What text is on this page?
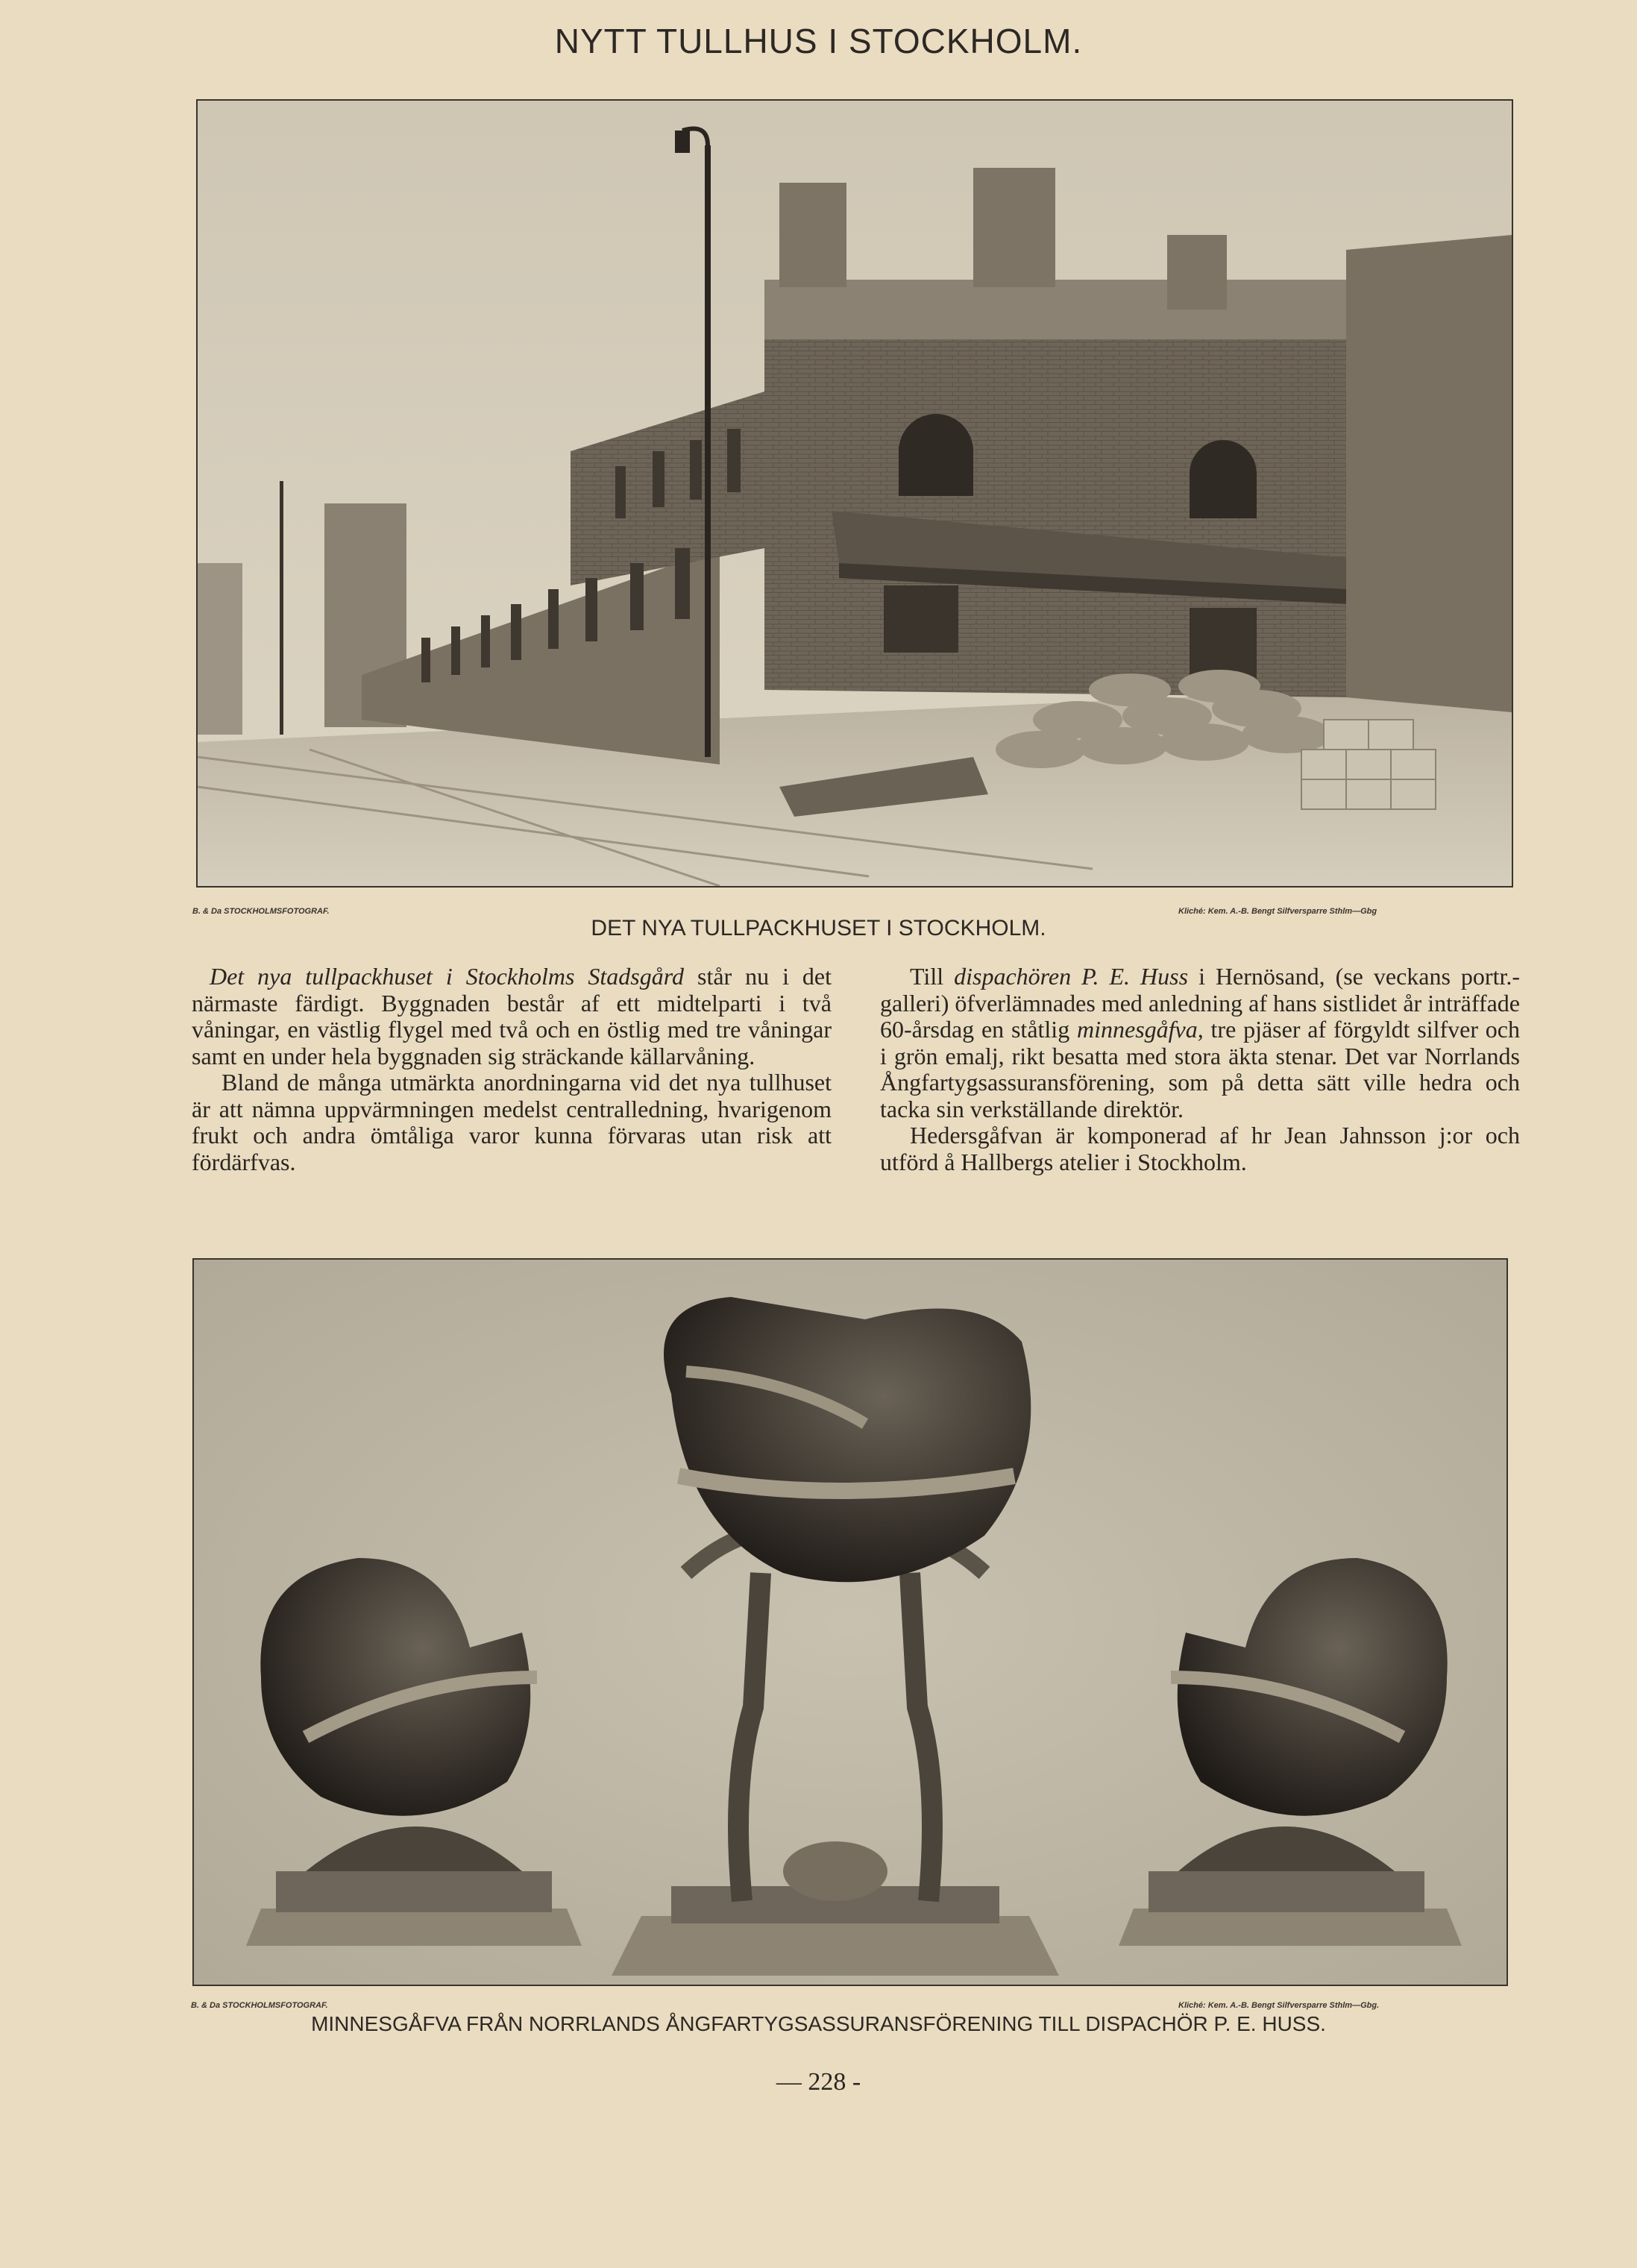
NYTT TULLHUS I STOCKHOLM.
B. & Da STOCKHOLMSFOTOGRAF.	Kliché: Kem. A.-B. Bengt Silfversparre Sthlm—Gbg
DET NYA TULLPACKHUSET I STOCKHOLM.

Det nya tullpackhuset i Stockholms Stadsgård står nu i det närmaste färdigt. Byggnaden består af ett midtelparti i två våningar, en västlig flygel med två och en östlig med tre våningar samt en under hela byggnaden sig sträckande källarvåning.

Bland de många utmärkta anordningarna vid det nya tullhuset är att nämna uppvärmningen medelst centralledning, hvarigenom frukt och andra ömtåliga varor kunna förvaras utan risk att fördärfvas.

Till dispachören P. E. Huss i Hernösand, (se veckans portr.-galleri) öfverlämnades med anledning af hans sistlidet år inträffade 60-årsdag en ståtlig minnesgåfva, tre pjäser af förgyldt silfver och i grön emalj, rikt besatta med stora äkta stenar. Det var Norrlands Ångfartygsassuransförening, som på detta sätt ville hedra och tacka sin verkställande direktör.

Hedersgåfvan är komponerad af hr Jean Jahnsson j:or och utförd å Hallbergs atelier i Stockholm.

B. & Da STOCKHOLMSFOTOGRAF.	Kliché: Kem. A.-B. Bengt Silfversparre Sthlm—Gbg.
MINNESGÅFVA FRÅN NORRLANDS ÅNGFARTYGSASSURANSFÖRENING TILL DISPACHÖR P. E. HUSS.
— 228 -
